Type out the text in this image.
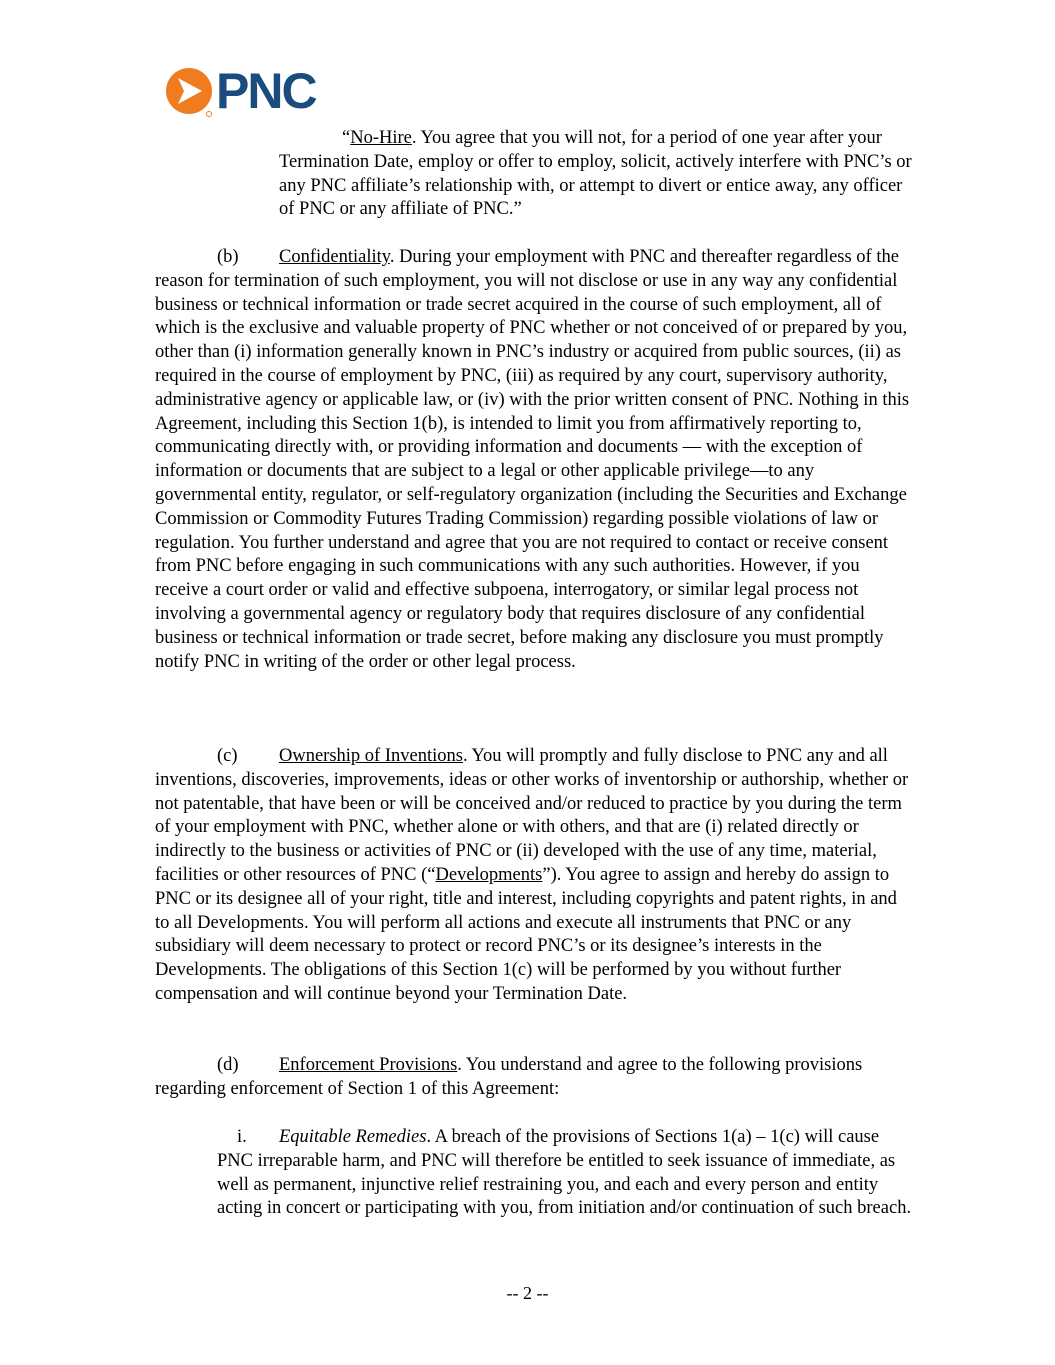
PNC

“No-Hire. You agree that you will not, for a period of one year after your Termination Date, employ or offer to employ, solicit, actively interfere with PNC’s or any PNC affiliate’s relationship with, or attempt to divert or entice away, any officer of PNC or any affiliate of PNC.”

(b) Confidentiality. During your employment with PNC and thereafter regardless of the reason for termination of such employment, you will not disclose or use in any way any confidential business or technical information or trade secret acquired in the course of such employment, all of which is the exclusive and valuable property of PNC whether or not conceived of or prepared by you, other than (i) information generally known in PNC’s industry or acquired from public sources, (ii) as required in the course of employment by PNC, (iii) as required by any court, supervisory authority, administrative agency or applicable law, or (iv) with the prior written consent of PNC. Nothing in this Agreement, including this Section 1(b), is intended to limit you from affirmatively reporting to, communicating directly with, or providing information and documents — with the exception of information or documents that are subject to a legal or other applicable privilege—to any governmental entity, regulator, or self-regulatory organization (including the Securities and Exchange Commission or Commodity Futures Trading Commission) regarding possible violations of law or regulation. You further understand and agree that you are not required to contact or receive consent from PNC before engaging in such communications with any such authorities. However, if you receive a court order or valid and effective subpoena, interrogatory, or similar legal process not involving a governmental agency or regulatory body that requires disclosure of any confidential business or technical information or trade secret, before making any disclosure you must promptly notify PNC in writing of the order or other legal process.

(c) Ownership of Inventions. You will promptly and fully disclose to PNC any and all inventions, discoveries, improvements, ideas or other works of inventorship or authorship, whether or not patentable, that have been or will be conceived and/or reduced to practice by you during the term of your employment with PNC, whether alone or with others, and that are (i) related directly or indirectly to the business or activities of PNC or (ii) developed with the use of any time, material, facilities or other resources of PNC (“Developments”). You agree to assign and hereby do assign to PNC or its designee all of your right, title and interest, including copyrights and patent rights, in and to all Developments. You will perform all actions and execute all instruments that PNC or any subsidiary will deem necessary to protect or record PNC’s or its designee’s interests in the Developments. The obligations of this Section 1(c) will be performed by you without further compensation and will continue beyond your Termination Date.

(d) Enforcement Provisions. You understand and agree to the following provisions regarding enforcement of Section 1 of this Agreement:

i. Equitable Remedies. A breach of the provisions of Sections 1(a) – 1(c) will cause PNC irreparable harm, and PNC will therefore be entitled to seek issuance of immediate, as well as permanent, injunctive relief restraining you, and each and every person and entity acting in concert or participating with you, from initiation and/or continuation of such breach.

-- 2 --
